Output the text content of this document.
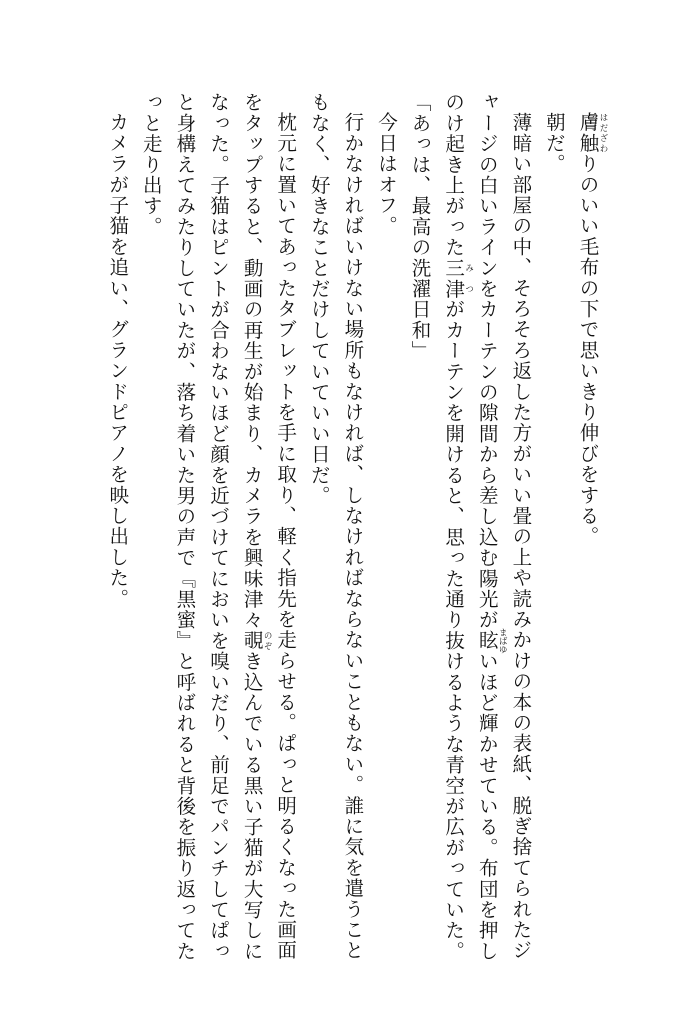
膚触はだざわりのいい毛布の下で思いきり伸びをする。

朝だ。

薄暗い部屋の中、そろそろ返した方がいい畳の上や読みかけの本の表紙、脱ぎ捨てられたジャージの白いラインをカーテンの隙間から差し込む陽光が眩まばゆいほど輝かせている。布団を押しのけ起き上がった三津みつがカーテンを開けると、思った通り抜けるような青空が広がっていた。

「あっは、最高の洗濯日和」

今日はオフ。

行かなければいけない場所もなければ、しなければならないこともない。誰に気を遣うこともなく、好きなことだけしていていい日だ。

枕元に置いてあったタブレットを手に取り、軽く指先を走らせる。ぱっと明るくなった画面をタップすると、動画の再生が始まり、カメラを興味津々覗のぞき込んでいる黒い子猫が大写しになった。子猫はピントが合わないほど顔を近づけてにおいを嗅いだり、前足でパンチしてぱっと身構えてみたりしていたが、落ち着いた男の声で『黒蜜』と呼ばれると背後を振り返ってたっと走り出す。

カメラが子猫を追い、グランドピアノを映し出した。
